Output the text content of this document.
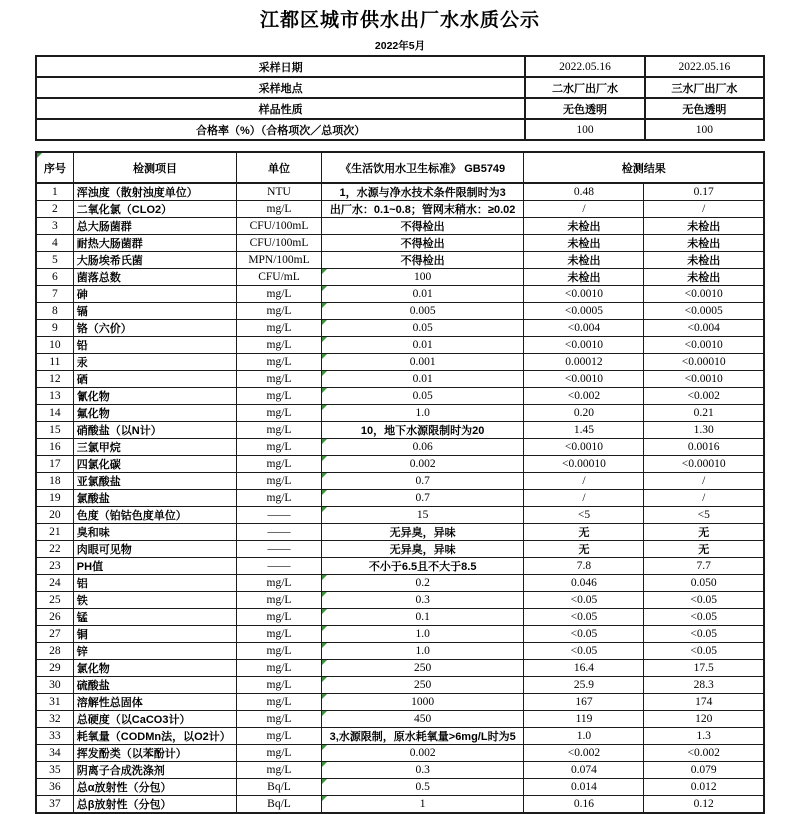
江都区城市供水出厂水水质公示
2022年5月
采样日期	2022.05.16	2022.05.16
采样地点	二水厂出厂水	三水厂出厂水
样品性质	无色透明	无色透明
合格率（%）（合格项次／总项次）	100	100
序号	检测项目	单位	《生活饮用水卫生标准》 GB5749	检测结果	
1	浑浊度（散射浊度单位）	NTU	1，水源与净水技术条件限制时为3	0.48	0.17
2	二氧化氯（CLO2）	mg/L	出厂水：0.1~0.8；管网末稍水：≥0.02	/	/
3	总大肠菌群	CFU/100mL	不得检出	未检出	未检出
4	耐热大肠菌群	CFU/100mL	不得检出	未检出	未检出
5	大肠埃希氏菌	MPN/100mL	不得检出	未检出	未检出
6	菌落总数	CFU/mL	100	未检出	未检出
7	砷	mg/L	0.01	<0.0010	<0.0010
8	镉	mg/L	0.005	<0.0005	<0.0005
9	铬（六价）	mg/L	0.05	<0.004	<0.004
10	铅	mg/L	0.01	<0.0010	<0.0010
11	汞	mg/L	0.001	0.00012	<0.00010
12	硒	mg/L	0.01	<0.0010	<0.0010
13	氰化物	mg/L	0.05	<0.002	<0.002
14	氟化物	mg/L	1.0	0.20	0.21
15	硝酸盐（以N计）	mg/L	10，地下水源限制时为20	1.45	1.30
16	三氯甲烷	mg/L	0.06	<0.0010	0.0016
17	四氯化碳	mg/L	0.002	<0.00010	<0.00010
18	亚氯酸盐	mg/L	0.7	/	/
19	氯酸盐	mg/L	0.7	/	/
20	色度（铂钴色度单位）	——	15	<5	<5
21	臭和味	——	无异臭，异味	无	无
22	肉眼可见物	——	无异臭，异味	无	无
23	PH值	——	不小于6.5且不大于8.5	7.8	7.7
24	铝	mg/L	0.2	0.046	0.050
25	铁	mg/L	0.3	<0.05	<0.05
26	锰	mg/L	0.1	<0.05	<0.05
27	铜	mg/L	1.0	<0.05	<0.05
28	锌	mg/L	1.0	<0.05	<0.05
29	氯化物	mg/L	250	16.4	17.5
30	硫酸盐	mg/L	250	25.9	28.3
31	溶解性总固体	mg/L	1000	167	174
32	总硬度（以CaCO3计）	mg/L	450	119	120
33	耗氧量（CODMn法，以O2计）	mg/L	3,水源限制，原水耗氧量>6mg/L时为5	1.0	1.3
34	挥发酚类（以苯酚计）	mg/L	0.002	<0.002	<0.002
35	阴离子合成洗涤剂	mg/L	0.3	0.074	0.079
36	总α放射性（分包）	Bq/L	0.5	0.014	0.012
37	总β放射性（分包）	Bq/L	1	0.16	0.12
